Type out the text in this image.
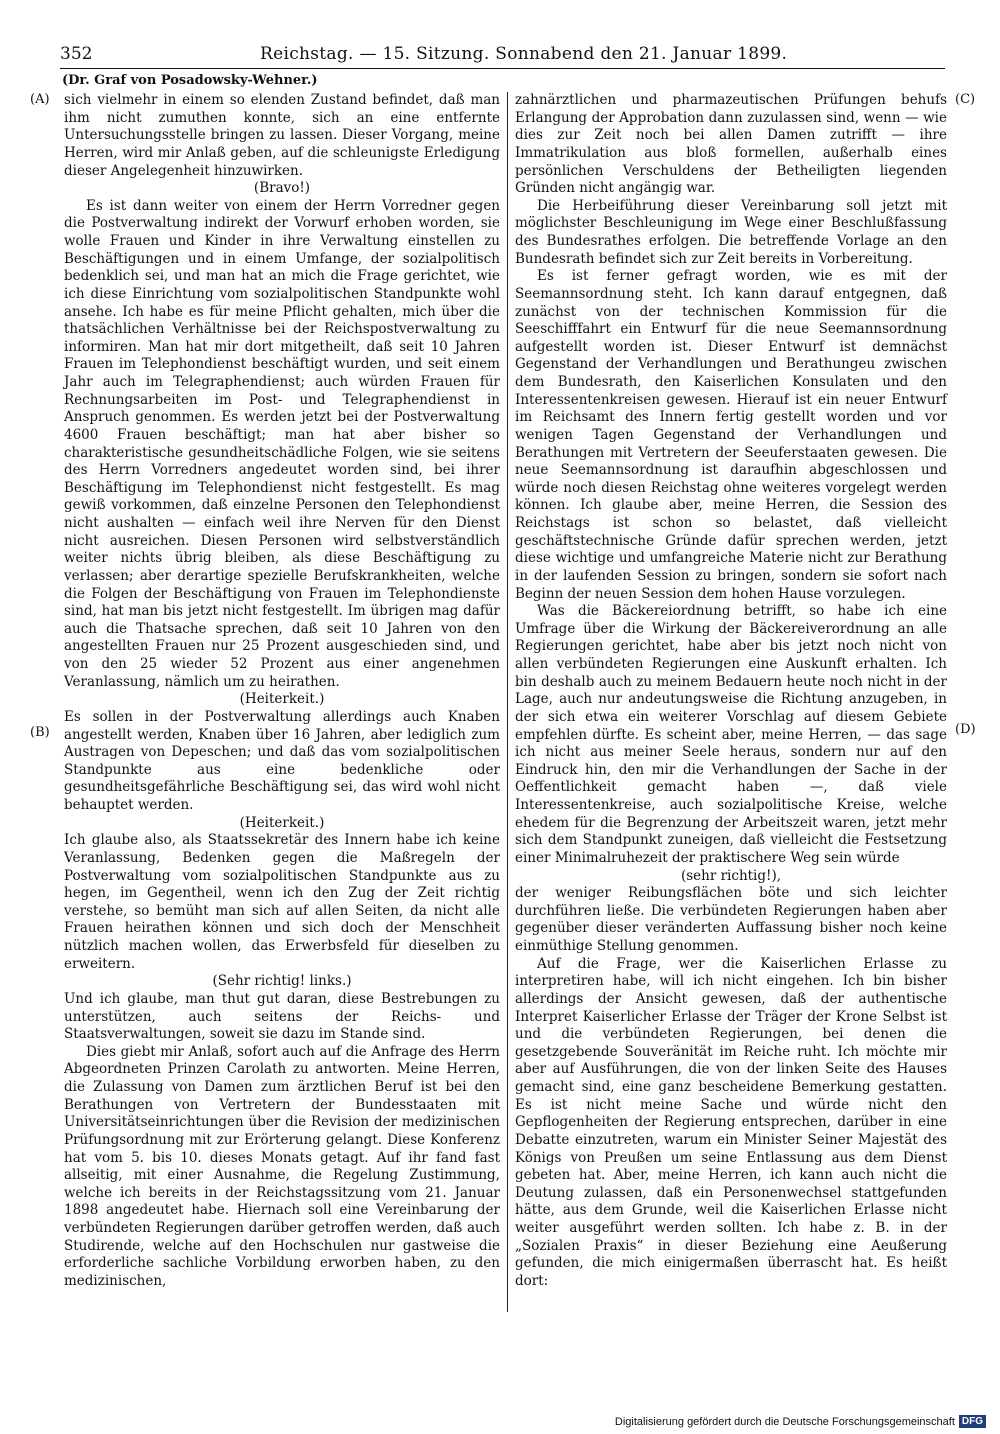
352	Reichstag. — 15. Sitzung. Sonnabend den 21. Januar 1899.
(Dr. Graf von Posadowsky-Wehner.)
(A)
(B)
(C)
(D)

sich vielmehr in einem so elenden Zustand befindet, daß man ihm nicht zumuthen konnte, sich an eine entfernte Untersuchungsstelle bringen zu lassen. Dieser Vorgang, meine Herren, wird mir Anlaß geben, auf die schleunigste Erledigung dieser Angelegenheit hinzuwirken.

(Bravo!)

Es ist dann weiter von einem der Herrn Vorredner gegen die Postverwaltung indirekt der Vorwurf erhoben worden, sie wolle Frauen und Kinder in ihre Verwaltung einstellen zu Beschäftigungen und in einem Umfange, der sozialpolitisch bedenklich sei, und man hat an mich die Frage gerichtet, wie ich diese Einrichtung vom sozialpolitischen Standpunkte wohl ansehe. Ich habe es für meine Pflicht gehalten, mich über die thatsächlichen Verhältnisse bei der Reichspostverwaltung zu informiren. Man hat mir dort mitgetheilt, daß seit 10 Jahren Frauen im Telephondienst beschäftigt wurden, und seit einem Jahr auch im Telegraphendienst; auch würden Frauen für Rechnungsarbeiten im Post- und Telegraphendienst in Anspruch genommen. Es werden jetzt bei der Postverwaltung 4600 Frauen beschäftigt; man hat aber bisher so charakteristische gesundheitschädliche Folgen, wie sie seitens des Herrn Vorredners angedeutet worden sind, bei ihrer Beschäftigung im Telephondienst nicht festgestellt. Es mag gewiß vorkommen, daß einzelne Personen den Telephondienst nicht aushalten — einfach weil ihre Nerven für den Dienst nicht ausreichen. Diesen Personen wird selbstverständlich weiter nichts übrig bleiben, als diese Beschäftigung zu verlassen; aber derartige spezielle Berufskrankheiten, welche die Folgen der Beschäftigung von Frauen im Telephondienste sind, hat man bis jetzt nicht festgestellt. Im übrigen mag dafür auch die Thatsache sprechen, daß seit 10 Jahren von den angestellten Frauen nur 25 Prozent ausgeschieden sind, und von den 25 wieder 52 Prozent aus einer angenehmen Veranlassung, nämlich um zu heirathen.

(Heiterkeit.)

Es sollen in der Postverwaltung allerdings auch Knaben angestellt werden, Knaben über 16 Jahren, aber lediglich zum Austragen von Depeschen; und daß das vom sozialpolitischen Standpunkte aus eine bedenkliche oder gesundheitsgefährliche Beschäftigung sei, das wird wohl nicht behauptet werden.

(Heiterkeit.)

Ich glaube also, als Staatssekretär des Innern habe ich keine Veranlassung, Bedenken gegen die Maßregeln der Postverwaltung vom sozialpolitischen Standpunkte aus zu hegen, im Gegentheil, wenn ich den Zug der Zeit richtig verstehe, so bemüht man sich auf allen Seiten, da nicht alle Frauen heirathen können und sich doch der Menschheit nützlich machen wollen, das Erwerbsfeld für dieselben zu erweitern.

(Sehr richtig! links.)

Und ich glaube, man thut gut daran, diese Bestrebungen zu unterstützen, auch seitens der Reichs- und Staatsverwaltungen, soweit sie dazu im Stande sind.

Dies giebt mir Anlaß, sofort auch auf die Anfrage des Herrn Abgeordneten Prinzen Carolath zu antworten. Meine Herren, die Zulassung von Damen zum ärztlichen Beruf ist bei den Berathungen von Vertretern der Bundesstaaten mit Universitätseinrichtungen über die Revision der medizinischen Prüfungsordnung mit zur Erörterung gelangt. Diese Konferenz hat vom 5. bis 10. dieses Monats getagt. Auf ihr fand fast allseitig, mit einer Ausnahme, die Regelung Zustimmung, welche ich bereits in der Reichstagssitzung vom 21. Januar 1898 angedeutet habe. Hiernach soll eine Vereinbarung der verbündeten Regierungen darüber getroffen werden, daß auch Studirende, welche auf den Hochschulen nur gastweise die erforderliche sachliche Vorbildung erworben haben, zu den medizinischen,

zahnärztlichen und pharmazeutischen Prüfungen behufs Erlangung der Approbation dann zuzulassen sind, wenn — wie dies zur Zeit noch bei allen Damen zutrifft — ihre Immatrikulation aus bloß formellen, außerhalb eines persönlichen Verschuldens der Betheiligten liegenden Gründen nicht angängig war.

Die Herbeiführung dieser Vereinbarung soll jetzt mit möglichster Beschleunigung im Wege einer Beschlußfassung des Bundesrathes erfolgen. Die betreffende Vorlage an den Bundesrath befindet sich zur Zeit bereits in Vorbereitung.

Es ist ferner gefragt worden, wie es mit der Seemannsordnung steht. Ich kann darauf entgegnen, daß zunächst von der technischen Kommission für die Seeschifffahrt ein Entwurf für die neue Seemannsordnung aufgestellt worden ist. Dieser Entwurf ist demnächst Gegenstand der Verhandlungen und Berathungeu zwischen dem Bundesrath, den Kaiserlichen Konsulaten und den Interessentenkreisen gewesen. Hierauf ist ein neuer Entwurf im Reichsamt des Innern fertig gestellt worden und vor wenigen Tagen Gegenstand der Verhandlungen und Berathungen mit Vertretern der Seeuferstaaten gewesen. Die neue Seemannsordnung ist daraufhin abgeschlossen und würde noch diesen Reichstag ohne weiteres vorgelegt werden können. Ich glaube aber, meine Herren, die Session des Reichstags ist schon so belastet, daß vielleicht geschäftstechnische Gründe dafür sprechen werden, jetzt diese wichtige und umfangreiche Materie nicht zur Berathung in der laufenden Session zu bringen, sondern sie sofort nach Beginn der neuen Session dem hohen Hause vorzulegen.

Was die Bäckereiordnung betrifft, so habe ich eine Umfrage über die Wirkung der Bäckereiverordnung an alle Regierungen gerichtet, habe aber bis jetzt noch nicht von allen verbündeten Regierungen eine Auskunft erhalten. Ich bin deshalb auch zu meinem Bedauern heute noch nicht in der Lage, auch nur andeutungsweise die Richtung anzugeben, in der sich etwa ein weiterer Vorschlag auf diesem Gebiete empfehlen dürfte. Es scheint aber, meine Herren, — das sage ich nicht aus meiner Seele heraus, sondern nur auf den Eindruck hin, den mir die Verhandlungen der Sache in der Oeffentlichkeit gemacht haben —, daß viele Interessentenkreise, auch sozialpolitische Kreise, welche ehedem für die Begrenzung der Arbeitszeit waren, jetzt mehr sich dem Standpunkt zuneigen, daß vielleicht die Festsetzung einer Minimalruhezeit der praktischere Weg sein würde

(sehr richtig!),

der weniger Reibungsflächen böte und sich leichter durchführen ließe. Die verbündeten Regierungen haben aber gegenüber dieser veränderten Auffassung bisher noch keine einmüthige Stellung genommen.

Auf die Frage, wer die Kaiserlichen Erlasse zu interpretiren habe, will ich nicht eingehen. Ich bin bisher allerdings der Ansicht gewesen, daß der authentische Interpret Kaiserlicher Erlasse der Träger der Krone Selbst ist und die verbündeten Regierungen, bei denen die gesetzgebende Souveränität im Reiche ruht. Ich möchte mir aber auf Ausführungen, die von der linken Seite des Hauses gemacht sind, eine ganz bescheidene Bemerkung gestatten. Es ist nicht meine Sache und würde nicht den Gepflogenheiten der Regierung entsprechen, darüber in eine Debatte einzutreten, warum ein Minister Seiner Majestät des Königs von Preußen um seine Entlassung aus dem Dienst gebeten hat. Aber, meine Herren, ich kann auch nicht die Deutung zulassen, daß ein Personenwechsel stattgefunden hätte, aus dem Grunde, weil die Kaiserlichen Erlasse nicht weiter ausgeführt werden sollten. Ich habe z. B. in der „Sozialen Praxis“ in dieser Beziehung eine Aeußerung gefunden, die mich einigermaßen überrascht hat. Es heißt dort:

Digitalisierung gefördert durch die Deutsche Forschungsgemeinschaft DFG
